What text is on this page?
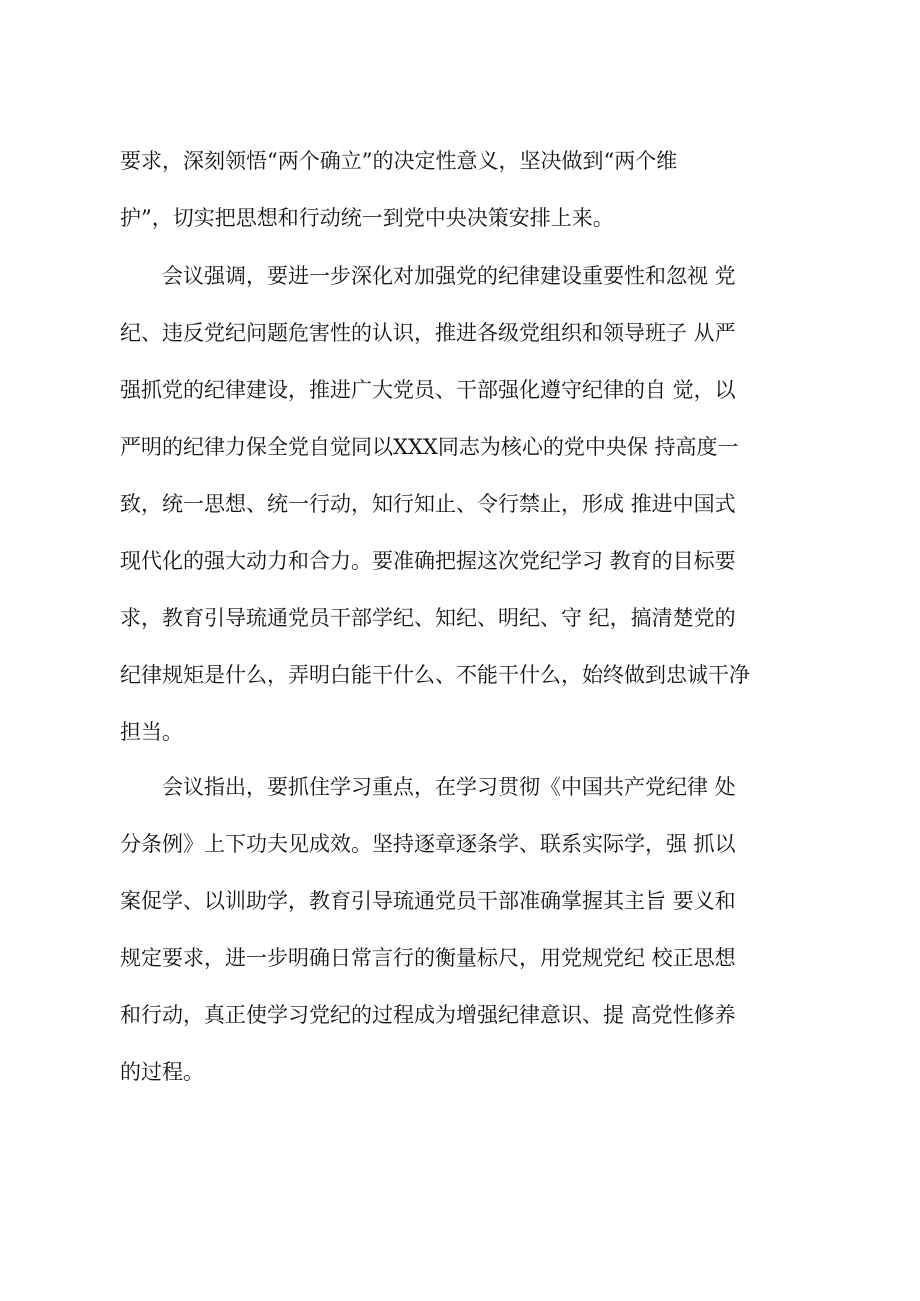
要求，深刻领悟“两个确立”的决定性意义，坚决做到“两个维
护”，切实把思想和行动统一到党中央决策安排上来。
会议强调，要进一步深化对加强党的纪律建设重要性和忽视 党
纪、违反党纪问题危害性的认识，推进各级党组织和领导班子 从严
强抓党的纪律建设，推进广大党员、干部强化遵守纪律的自 觉，以
严明的纪律力保全党自觉同以XXX同志为核心的党中央保 持高度一
致，统一思想、统一行动，知行知止、令行禁止，形成 推进中国式
现代化的强大动力和合力。要准确把握这次党纪学习 教育的目标要
求，教育引导琉通党员干部学纪、知纪、明纪、守 纪，搞清楚党的
纪律规矩是什么，弄明白能干什么、不能干什么，始终做到忠诚干净
担当。
会议指出，要抓住学习重点，在学习贯彻《中国共产党纪律 处
分条例》上下功夫见成效。坚持逐章逐条学、联系实际学，强 抓以
案促学、以训助学，教育引导琉通党员干部准确掌握其主旨 要义和
规定要求，进一步明确日常言行的衡量标尺，用党规党纪 校正思想
和行动，真正使学习党纪的过程成为增强纪律意识、提 高党性修养
的过程。
